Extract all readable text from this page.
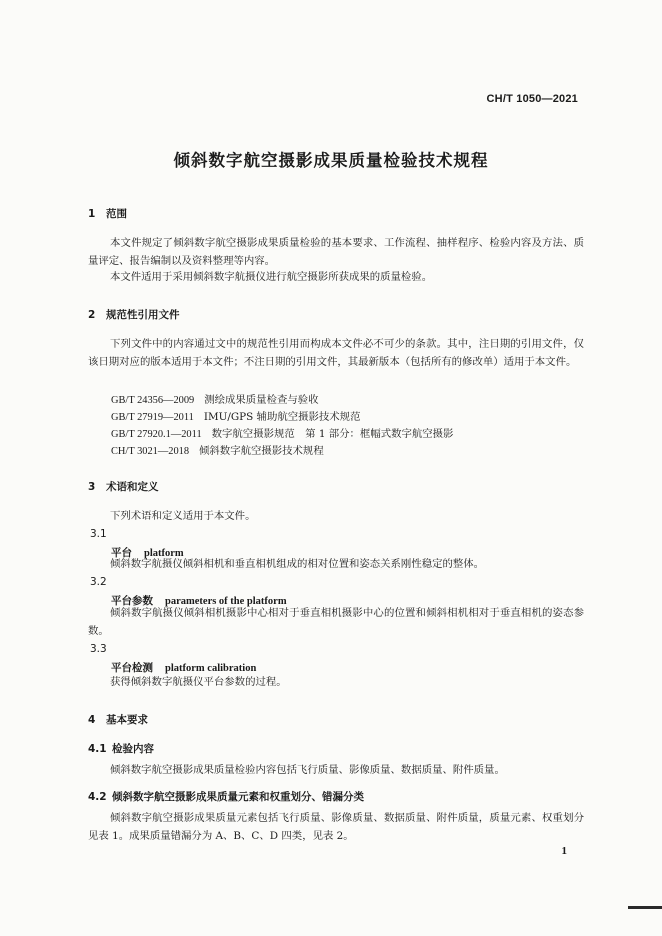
CH/T 1050—2021
倾斜数字航空摄影成果质量检验技术规程
1 范围
本文件规定了倾斜数字航空摄影成果质量检验的基本要求、工作流程、抽样程序、检验内容及方法、质量评定、报告编制以及资料整理等内容。
本文件适用于采用倾斜数字航摄仪进行航空摄影所获成果的质量检验。
2 规范性引用文件
下列文件中的内容通过文中的规范性引用而构成本文件必不可少的条款。其中，注日期的引用文件，仅该日期对应的版本适用于本文件；不注日期的引用文件，其最新版本（包括所有的修改单）适用于本文件。
GB/T 24356—2009 测绘成果质量检查与验收
GB/T 27919—2011 IMU/GPS 辅助航空摄影技术规范
GB/T 27920.1—2011 数字航空摄影规范　第 1 部分：框幅式数字航空摄影
CH/T 3021—2018 倾斜数字航空摄影技术规程
3 术语和定义
下列术语和定义适用于本文件。
3.1
平台 platform
倾斜数字航摄仪倾斜相机和垂直相机组成的相对位置和姿态关系刚性稳定的整体。
3.2
平台参数 parameters of the platform
倾斜数字航摄仪倾斜相机摄影中心相对于垂直相机摄影中心的位置和倾斜相机相对于垂直相机的姿态参数。
3.3
平台检测 platform calibration
获得倾斜数字航摄仪平台参数的过程。
4 基本要求
4.1 检验内容
倾斜数字航空摄影成果质量检验内容包括飞行质量、影像质量、数据质量、附件质量。
4.2 倾斜数字航空摄影成果质量元素和权重划分、错漏分类
倾斜数字航空摄影成果质量元素包括飞行质量、影像质量、数据质量、附件质量，质量元素、权重划分见表 1。成果质量错漏分为 A、B、C、D 四类，见表 2。
1
